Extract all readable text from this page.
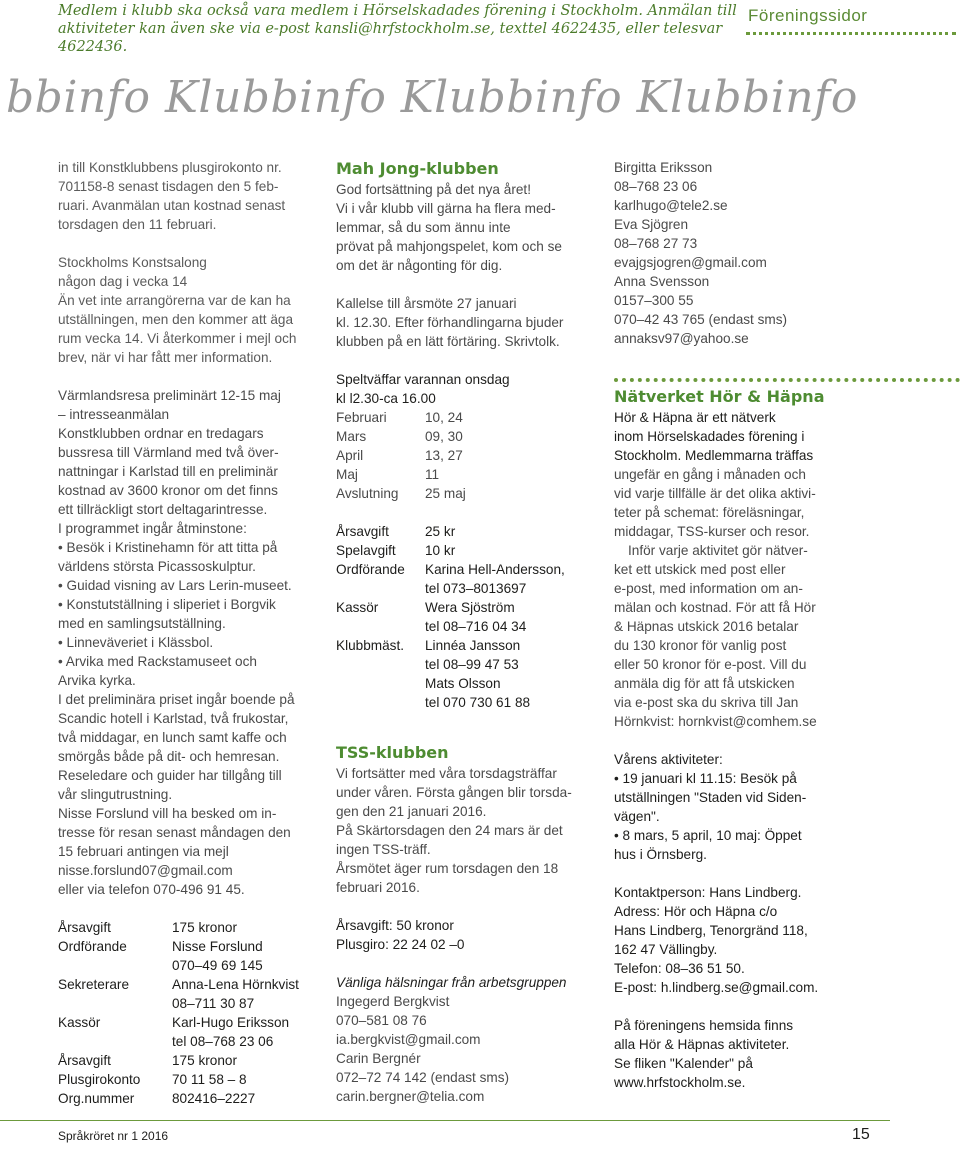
Medlem i klubb ska också vara medlem i Hörselskadades förening i Stockholm. Anmälan till aktiviteter kan även ske via e-post kansli@hrfstockholm.se, texttel 4622435, eller telesvar 4622436.
Föreningssidor
bbinfo Klubbinfo Klubbinfo Klubbinfo

in till Konstklubbens plusgirokonto nr.

701158-8 senast tisdagen den 5 feb-

ruari. Avanmälan utan kostnad senast

torsdagen den 11 februari.

Stockholms Konstsalong

någon dag i vecka 14

Än vet inte arrangörerna var de kan ha

utställningen, men den kommer att äga

rum vecka 14. Vi återkommer i mejl och

brev, när vi har fått mer information.

Värmlandsresa preliminärt 12-15 maj

– intresseanmälan

Konstklubben ordnar en tredagars

bussresa till Värmland med två över-

nattningar i Karlstad till en preliminär

kostnad av 3600 kronor om det finns

ett tillräckligt stort deltagarintresse.

I programmet ingår åtminstone:

• Besök i Kristinehamn för att titta på

världens största Picassoskulptur.

• Guidad visning av Lars Lerin-museet.

• Konstutställning i sliperiet i Borgvik

med en samlingsutställning.

• Linneväveriet i Klässbol.

• Arvika med Rackstamuseet och

Arvika kyrka.

I det preliminära priset ingår boende på

Scandic hotell i Karlstad, två frukostar,

två middagar, en lunch samt kaffe och

smörgås både på dit- och hemresan.

Reseledare och guider har tillgång till

vår slingutrustning.

Nisse Forslund vill ha besked om in-

tresse för resan senast måndagen den

15 februari antingen via mejl

nisse.forslund07@gmail.com

eller via telefon 070-496 91 45.

Årsavgift	175 kronor
Ordförande	Nisse Forslund
070–49 69 145
Sekreterare	Anna-Lena Hörnkvist
08–711 30 87
Kassör	Karl-Hugo Eriksson
tel 08–768 23 06
Årsavgift	175 kronor
Plusgirokonto	70 11 58 – 8
Org.nummer	802416–2227
Mah Jong-klubben

God fortsättning på det nya året!

Vi i vår klubb vill gärna ha flera med-

lemmar, så du som ännu inte

prövat på mahjongspelet, kom och se

om det är någonting för dig.

Kallelse till årsmöte 27 januari

kl. 12.30. Efter förhandlingarna bjuder

klubben på en lätt förtäring. Skrivtolk.

Speltväffar varannan onsdag

kl l2.30-ca 16.00

Februari	10, 24
Mars	09, 30
April	13, 27
Maj	11
Avslutning	25 maj
Årsavgift	25 kr
Spelavgift	10 kr
Ordförande	Karina Hell-Andersson,
tel 073–8013697
Kassör	Wera Sjöström
tel 08–716 04 34
Klubbmäst.	Linnéa Jansson
tel 08–99 47 53
Mats Olsson
tel 070 730 61 88
TSS-klubben

Vi fortsätter med våra torsdagsträffar

under våren. Första gången blir torsda-

gen den 21 januari 2016.

På Skärtorsdagen den 24 mars är det

ingen TSS-träff.

Årsmötet äger rum torsdagen den 18

februari 2016.

Årsavgift: 50 kronor

Plusgiro: 22 24 02 –0

Vänliga hälsningar från arbetsgruppen

Ingegerd Bergkvist

070–581 08 76

ia.bergkvist@gmail.com

Carin Bergnér

072–72 74 142 (endast sms)

carin.bergner@telia.com

Birgitta Eriksson

08–768 23 06

karlhugo@tele2.se

Eva Sjögren

08–768 27 73

evajgsjogren@gmail.com

Anna Svensson

0157–300 55

070–42 43 765 (endast sms)

annaksv97@yahoo.se

Nätverket Hör & Häpna

Hör & Häpna är ett nätverk

inom Hörselskadades förening i

Stockholm. Medlemmarna träffas

ungefär en gång i månaden och

vid varje tillfälle är det olika aktivi-

teter på schemat: föreläsningar,

middagar, TSS-kurser och resor.

Inför varje aktivitet gör nätver-

ket ett utskick med post eller

e-post, med information om an-

mälan och kostnad. För att få Hör

& Häpnas utskick 2016 betalar

du 130 kronor för vanlig post

eller 50 kronor för e-post. Vill du

anmäla dig för att få utskicken

via e-post ska du skriva till Jan

Hörnkvist: hornkvist@comhem.se

Vårens aktiviteter:

• 19 januari kl 11.15: Besök på

utställningen "Staden vid Siden-

vägen".

• 8 mars, 5 april, 10 maj: Öppet

hus i Örnsberg.

Kontaktperson: Hans Lindberg.

Adress: Hör och Häpna c/o

Hans Lindberg, Tenorgränd 118,

162 47 Vällingby.

Telefon: 08–36 51 50.

E-post: h.lindberg.se@gmail.com.

På föreningens hemsida finns

alla Hör & Häpnas aktiviteter.

Se fliken "Kalender" på

www.hrfstockholm.se.

Språkröret nr 1 2016	15
